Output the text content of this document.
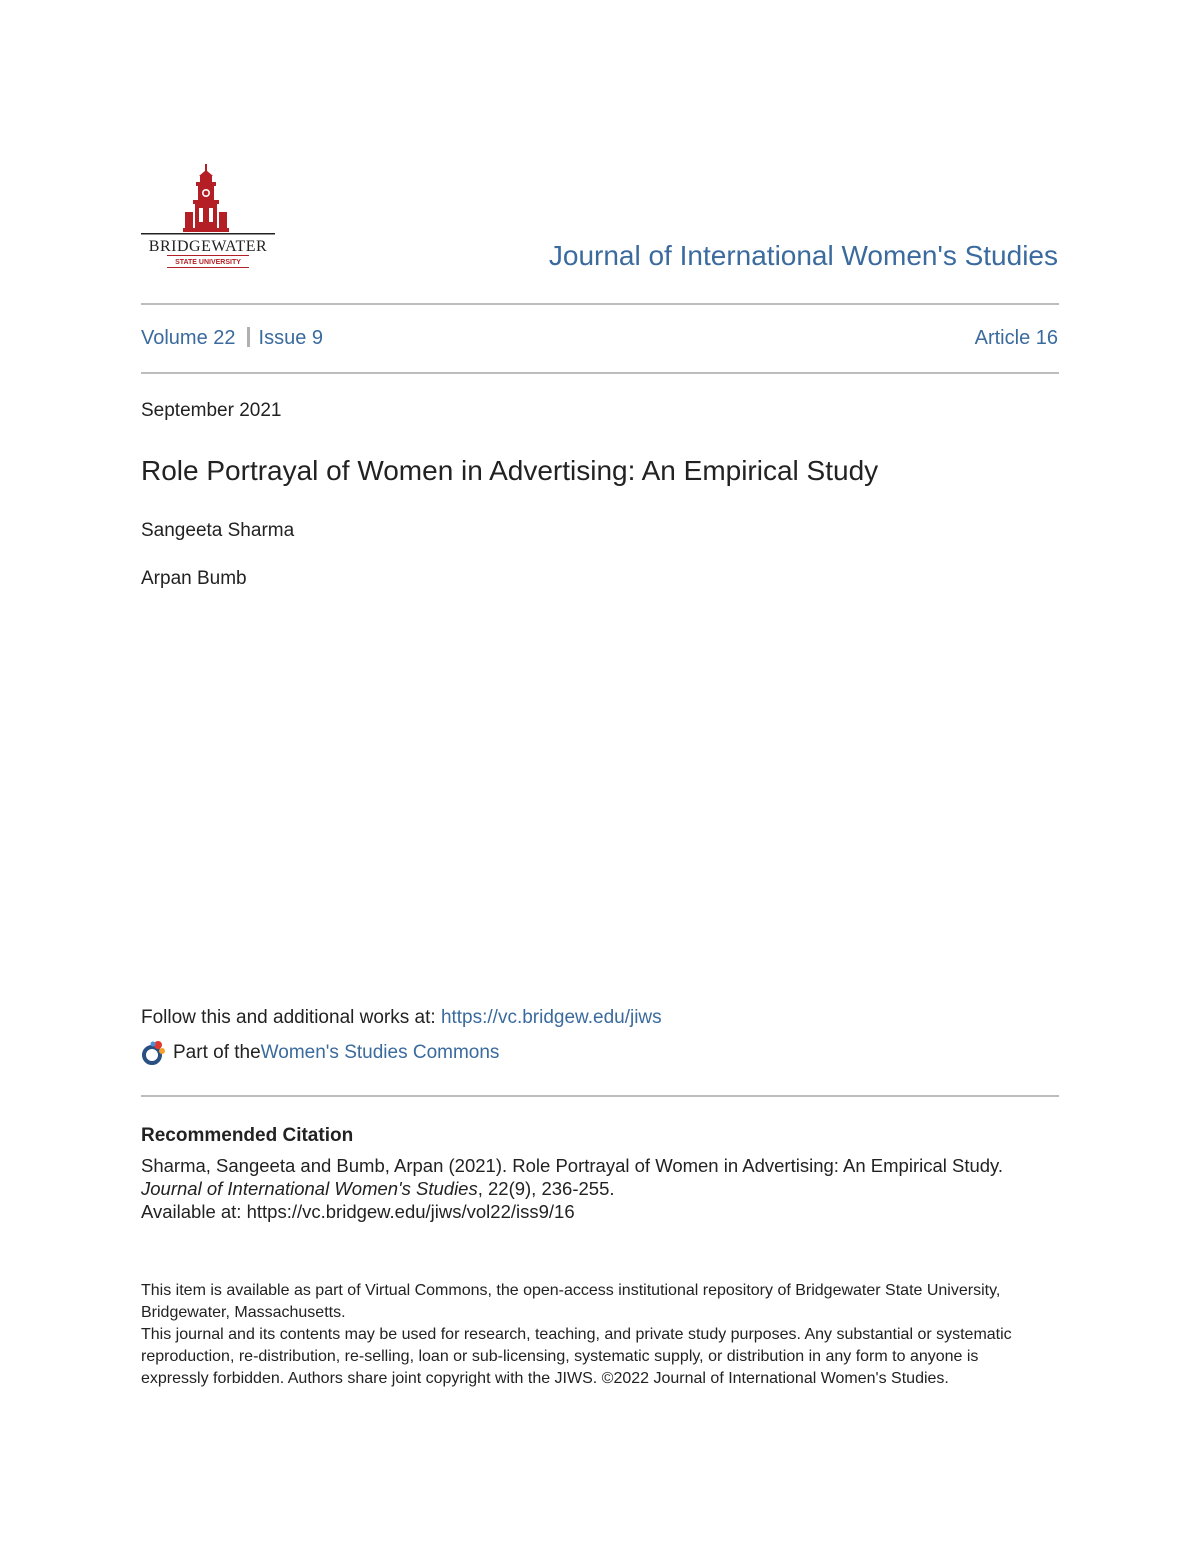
BRIDGEWATER
STATE UNIVERSITY	Journal of International Women's Studies
Volume 22 Issue 9	Article 16
September 2021
Role Portrayal of Women in Advertising: An Empirical Study
Sangeeta Sharma
Arpan Bumb
Follow this and additional works at: https://vc.bridgew.edu/jiws
Part of the Women's Studies Commons
Recommended Citation
Sharma, Sangeeta and Bumb, Arpan (2021). Role Portrayal of Women in Advertising: An Empirical Study.
Journal of International Women's Studies, 22(9), 236-255.
Available at: https://vc.bridgew.edu/jiws/vol22/iss9/16
This item is available as part of Virtual Commons, the open-access institutional repository of Bridgewater State University, Bridgewater, Massachusetts.
This journal and its contents may be used for research, teaching, and private study purposes. Any substantial or systematic reproduction, re-distribution, re-selling, loan or sub-licensing, systematic supply, or distribution in any form to anyone is expressly forbidden. Authors share joint copyright with the JIWS. ©2022 Journal of International Women's Studies.
